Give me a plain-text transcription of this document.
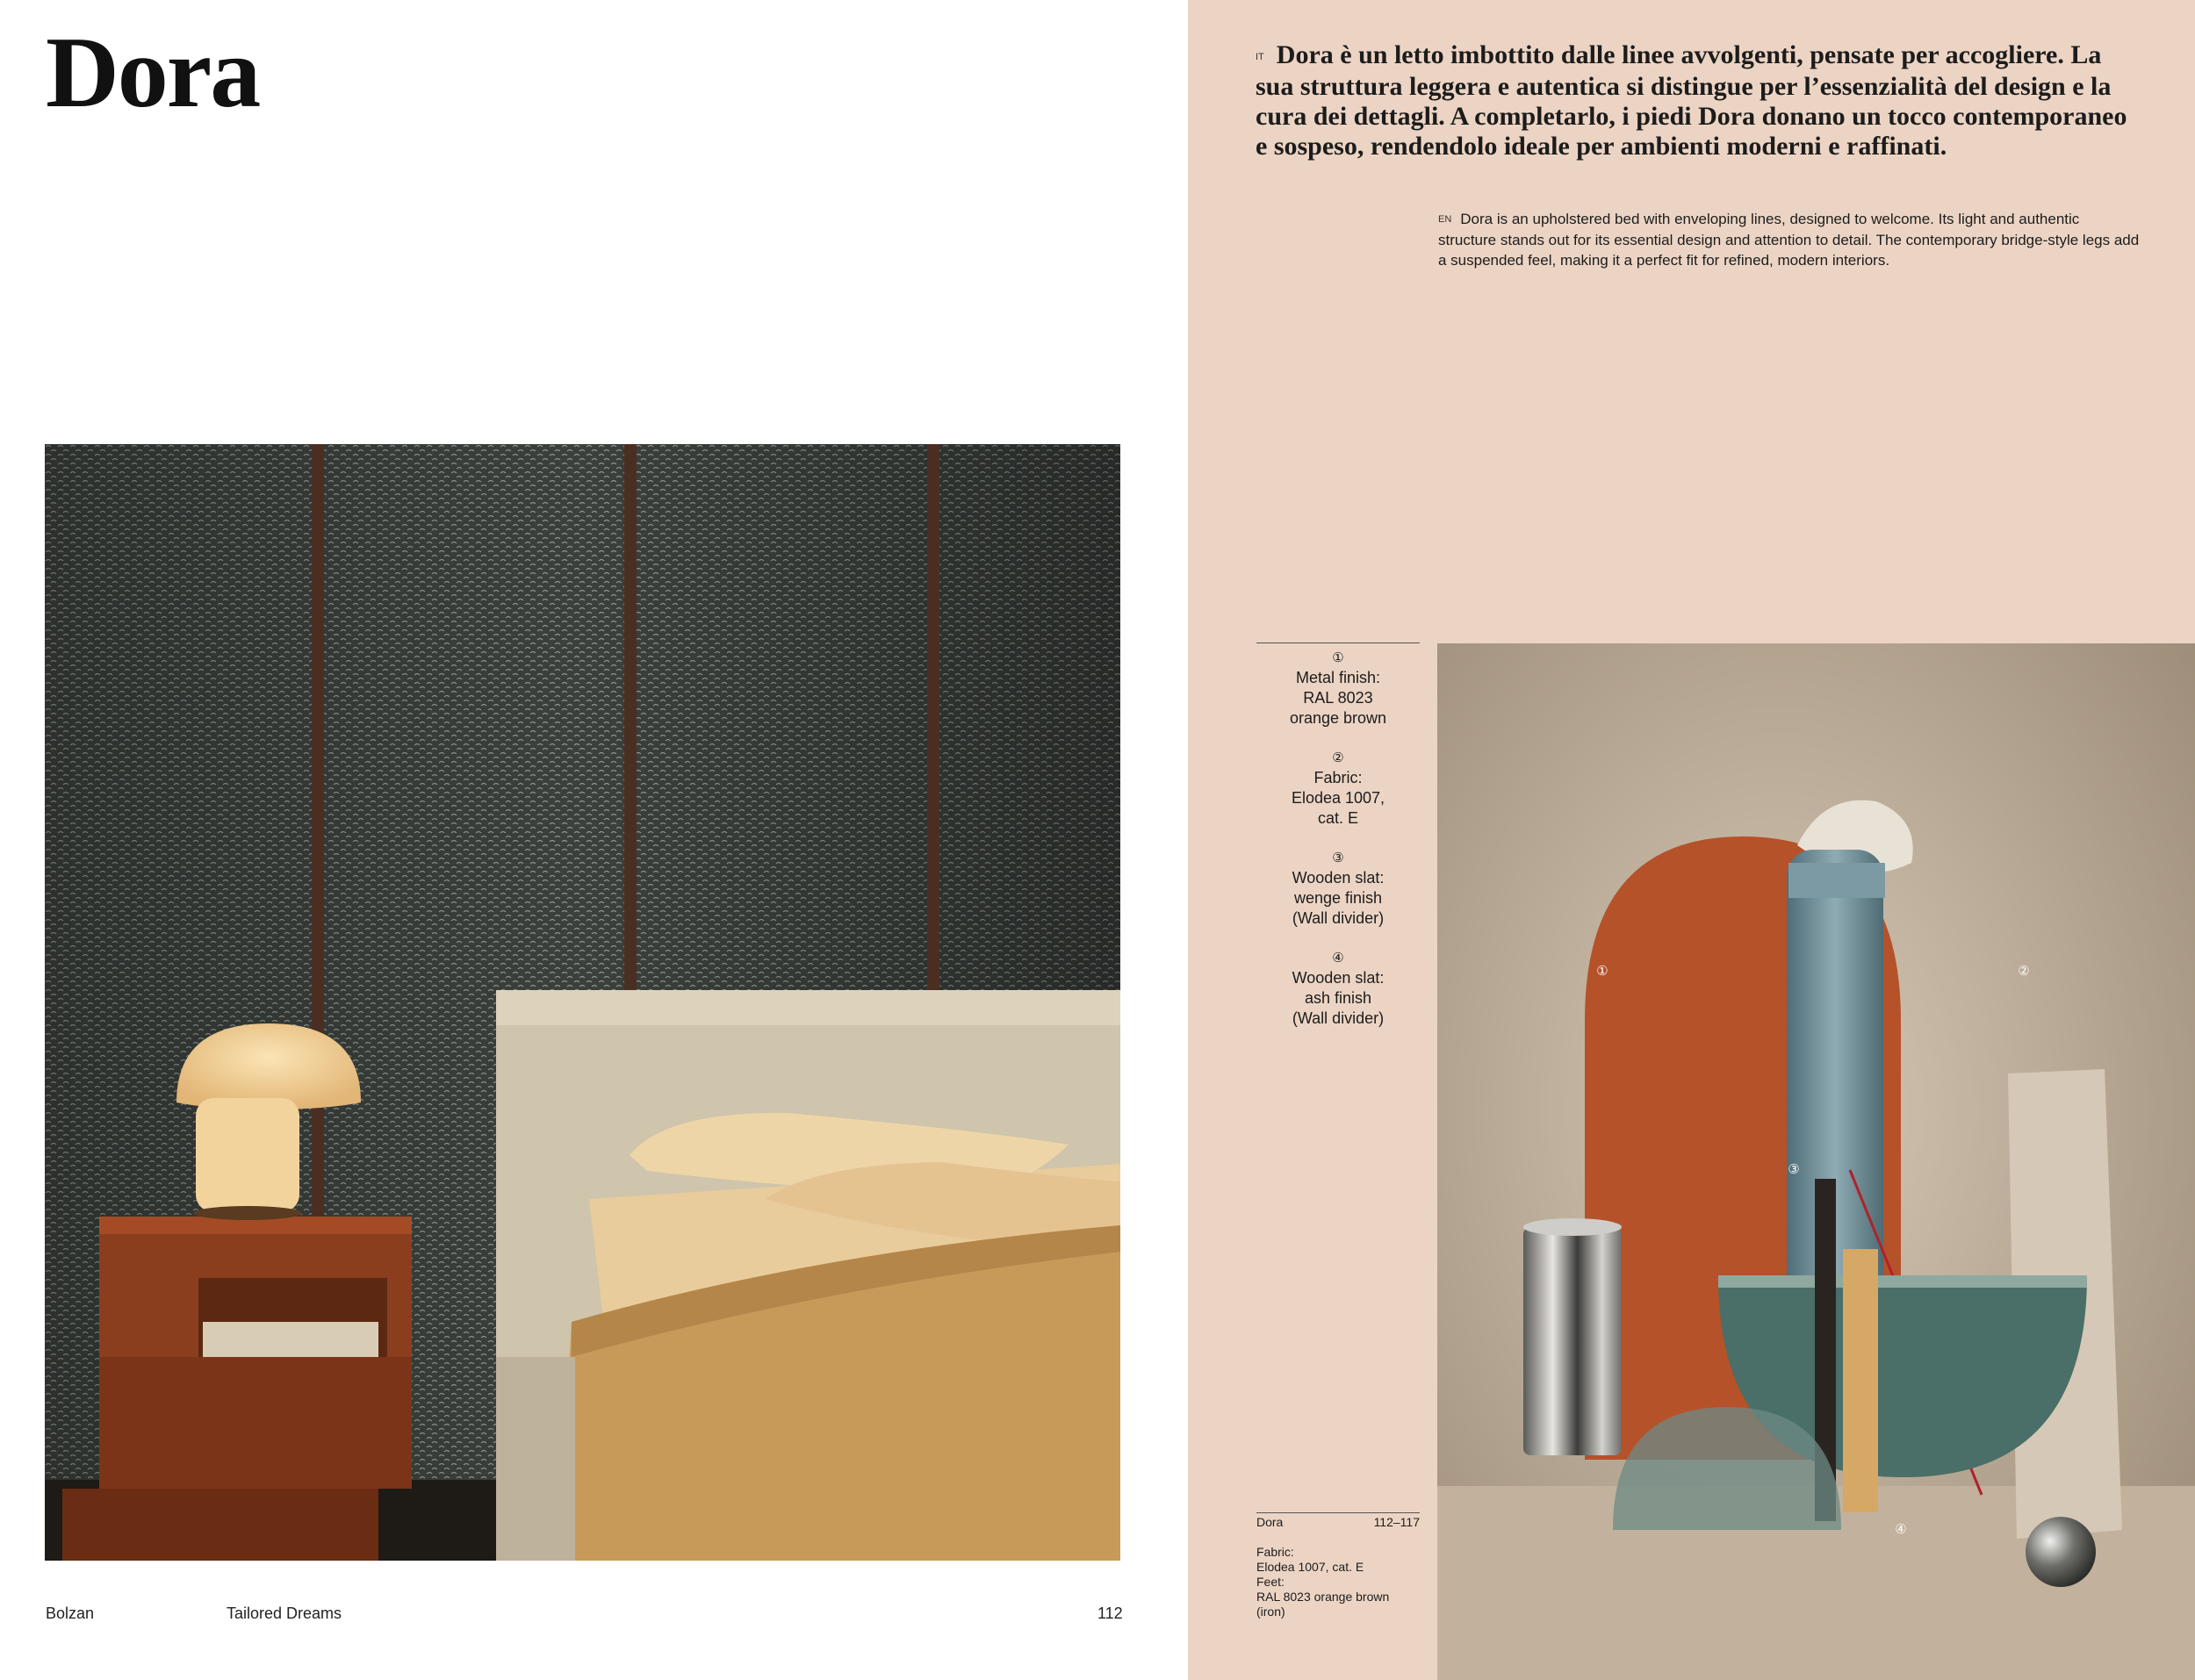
Dora
Bolzan	Tailored Dreams	112

IT Dora è un letto imbottito dalle linee avvolgenti, pensate per accogliere. La sua struttura leggera e autentica si distingue per l’essenzialità del design e la cura dei dettagli. A completarlo, i piedi Dora donano un tocco contemporaneo e sospeso, rendendolo ideale per ambienti moderni e raffinati.

EN Dora is an upholstered bed with enveloping lines, designed to welcome. Its light and authentic structure stands out for its essential design and attention to detail. The contemporary bridge-style legs add a suspended feel, making it a perfect fit for refined, modern interiors.

①
Metal finish:
RAL 8023
orange brown
②
Fabric:
Elodea 1007,
cat. E
③
Wooden slat:
wenge finish
(Wall divider)
④
Wooden slat:
ash finish
(Wall divider)
Dora	112–117
Fabric:
Elodea 1007, cat. E
Feet:
RAL 8023 orange brown
(iron)
①	②
③
④
